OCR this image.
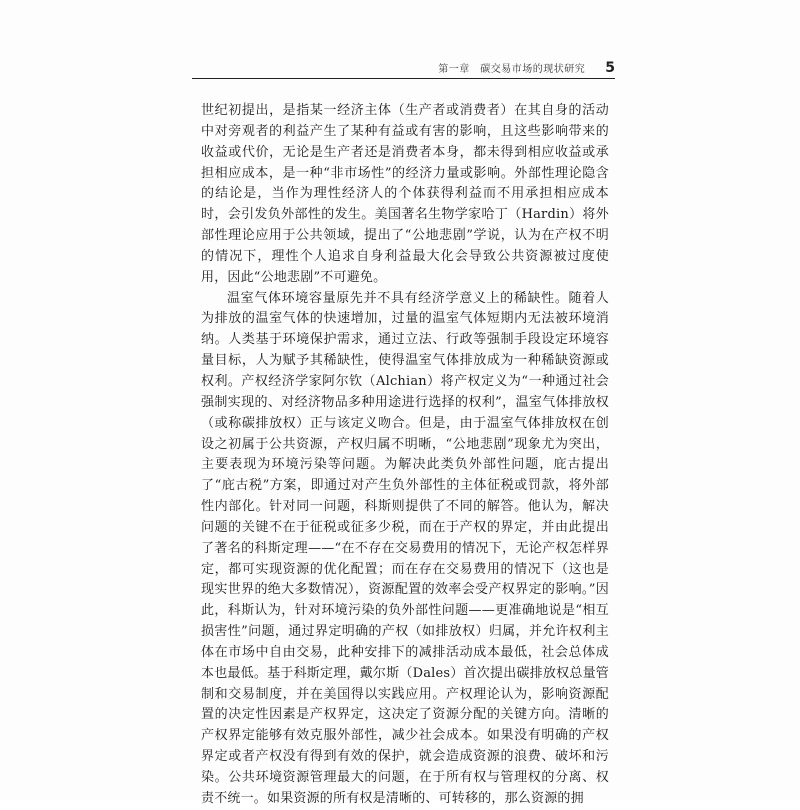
第一章　碳交易市场的现状研究 5

世纪初提出，是指某一经济主体（生产者或消费者）在其自身的活动中对旁观者的利益产生了某种有益或有害的影响，且这些影响带来的收益或代价，无论是生产者还是消费者本身，都未得到相应收益或承担相应成本，是一种“非市场性”的经济力量或影响。外部性理论隐含的结论是，当作为理性经济人的个体获得利益而不用承担相应成本时，会引发负外部性的发生。美国著名生物学家哈丁（Hardin）将外部性理论应用于公共领域，提出了“公地悲剧”学说，认为在产权不明的情况下，理性个人追求自身利益最大化会导致公共资源被过度使用，因此“公地悲剧”不可避免。

温室气体环境容量原先并不具有经济学意义上的稀缺性。随着人为排放的温室气体的快速增加，过量的温室气体短期内无法被环境消纳。人类基于环境保护需求，通过立法、行政等强制手段设定环境容量目标，人为赋予其稀缺性，使得温室气体排放成为一种稀缺资源或权利。产权经济学家阿尔钦（Alchian）将产权定义为“一种通过社会强制实现的、对经济物品多种用途进行选择的权利”，温室气体排放权（或称碳排放权）正与该定义吻合。但是，由于温室气体排放权在创设之初属于公共资源，产权归属不明晰，“公地悲剧”现象尤为突出，主要表现为环境污染等问题。为解决此类负外部性问题，庇古提出了“庇古税”方案，即通过对产生负外部性的主体征税或罚款，将外部性内部化。针对同一问题，科斯则提供了不同的解答。他认为，解决问题的关键不在于征税或征多少税，而在于产权的界定，并由此提出了著名的科斯定理——“在不存在交易费用的情况下，无论产权怎样界定，都可实现资源的优化配置；而在存在交易费用的情况下（这也是现实世界的绝大多数情况），资源配置的效率会受产权界定的影响。”因此，科斯认为，针对环境污染的负外部性问题——更准确地说是“相互损害性”问题，通过界定明确的产权（如排放权）归属，并允许权利主体在市场中自由交易，此种安排下的减排活动成本最低，社会总体成本也最低。基于科斯定理，戴尔斯（Dales）首次提出碳排放权总量管制和交易制度，并在美国得以实践应用。产权理论认为，影响资源配置的决定性因素是产权界定，这决定了资源分配的关键方向。清晰的产权界定能够有效克服外部性，减少社会成本。如果没有明确的产权界定或者产权没有得到有效的保护，就会造成资源的浪费、破坏和污染。公共环境资源管理最大的问题，在于所有权与管理权的分离、权责不统一。如果资源的所有权是清晰的、可转移的，那么资源的拥
